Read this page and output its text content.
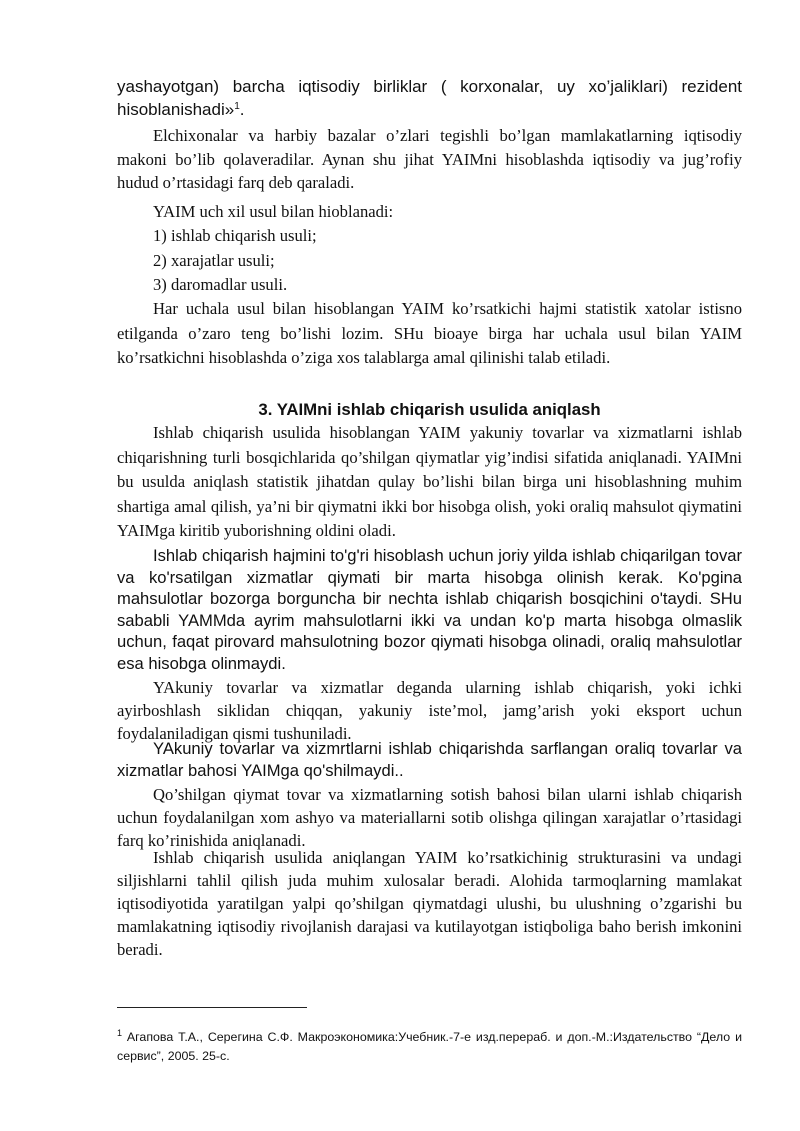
yashayotgan) barcha iqtisodiy birliklar ( korxonalar, uy xo’jaliklari) rezident hisoblanishadi»$^1$.

Elchixonalar va harbiy bazalar o’zlari tegishli bo’lgan mamlakatlarning iqtisodiy makoni bo’lib qolaveradilar. Aynan shu jihat YAIMni hisoblashda iqtisodiy va jug’rofiy hudud o’rtasidagi farq deb qaraladi.

YAIM uch xil usul bilan hioblanadi:

1) ishlab chiqarish usuli;

2) xarajatlar usuli;

3) daromadlar usuli.

Har uchala usul bilan hisoblangan YAIM ko’rsatkichi hajmi statistik xatolar istisno etilganda o’zaro teng bo’lishi lozim. SHu bioaye birga har uchala usul bilan YAIM ko’rsatkichni hisoblashda o’ziga xos talablarga amal qilinishi talab etiladi.

3. YAIMni ishlab chiqarish usulida aniqlash

Ishlab chiqarish usulida hisoblangan YAIM yakuniy tovarlar va xizmatlarni ishlab chiqarishning turli bosqichlarida qo’shilgan qiymatlar yig’indisi sifatida aniqlanadi. YAIMni bu usulda aniqlash statistik jihatdan qulay bo’lishi bilan birga uni hisoblashning muhim shartiga amal qilish, ya’ni bir qiymatni ikki bor hisobga olish, yoki oraliq mahsulot qiymatini YAIMga kiritib yuborishning oldini oladi.

Ishlab chiqarish hajmini to'g'ri hisoblash uchun joriy yilda ishlab chiqarilgan tovar va ko'rsatilgan xizmatlar qiymati bir marta hisobga olinish kerak. Ko'pgina mahsulotlar bozorga borguncha bir nechta ishlab chiqarish bosqichini o'taydi. SHu sababli YAMMda ayrim mahsulotlarni ikki va undan ko'p marta hisobga olmaslik uchun, faqat pirovard mahsulotning bozor qiymati hisobga olinadi, oraliq mahsulotlar esa hisobga olinmaydi.

YAkuniy tovarlar va xizmatlar deganda ularning ishlab chiqarish, yoki ichki ayirboshlash siklidan chiqqan, yakuniy iste’mol, jamg’arish yoki eksport uchun foydalaniladigan qismi tushuniladi.

YAkuniy tovarlar va xizmrtlarni ishlab chiqarishda sarflangan oraliq tovarlar va xizmatlar bahosi YAIMga qo'shilmaydi..

Qo’shilgan qiymat tovar va xizmatlarning sotish bahosi bilan ularni ishlab chiqarish uchun foydalanilgan xom ashyo va materiallarni sotib olishga qilingan xarajatlar o’rtasidagi farq ko’rinishida aniqlanadi.

Ishlab chiqarish usulida aniqlangan YAIM ko’rsatkichinig strukturasini va undagi siljishlarni tahlil qilish juda muhim xulosalar beradi. Alohida tarmoqlarning mamlakat iqtisodiyotida yaratilgan yalpi qo’shilgan qiymatdagi ulushi, bu ulushning o’zgarishi bu mamlakatning iqtisodiy rivojlanish darajasi va kutilayotgan istiqboliga baho berish imkonini beradi.

$^1$ Агапова Т.А., Серегина С.Ф. Макроэкономика:Учебник.-7-е изд.перераб. и доп.-М.:Издательство “Дело и сервис”, 2005. 25-с.
